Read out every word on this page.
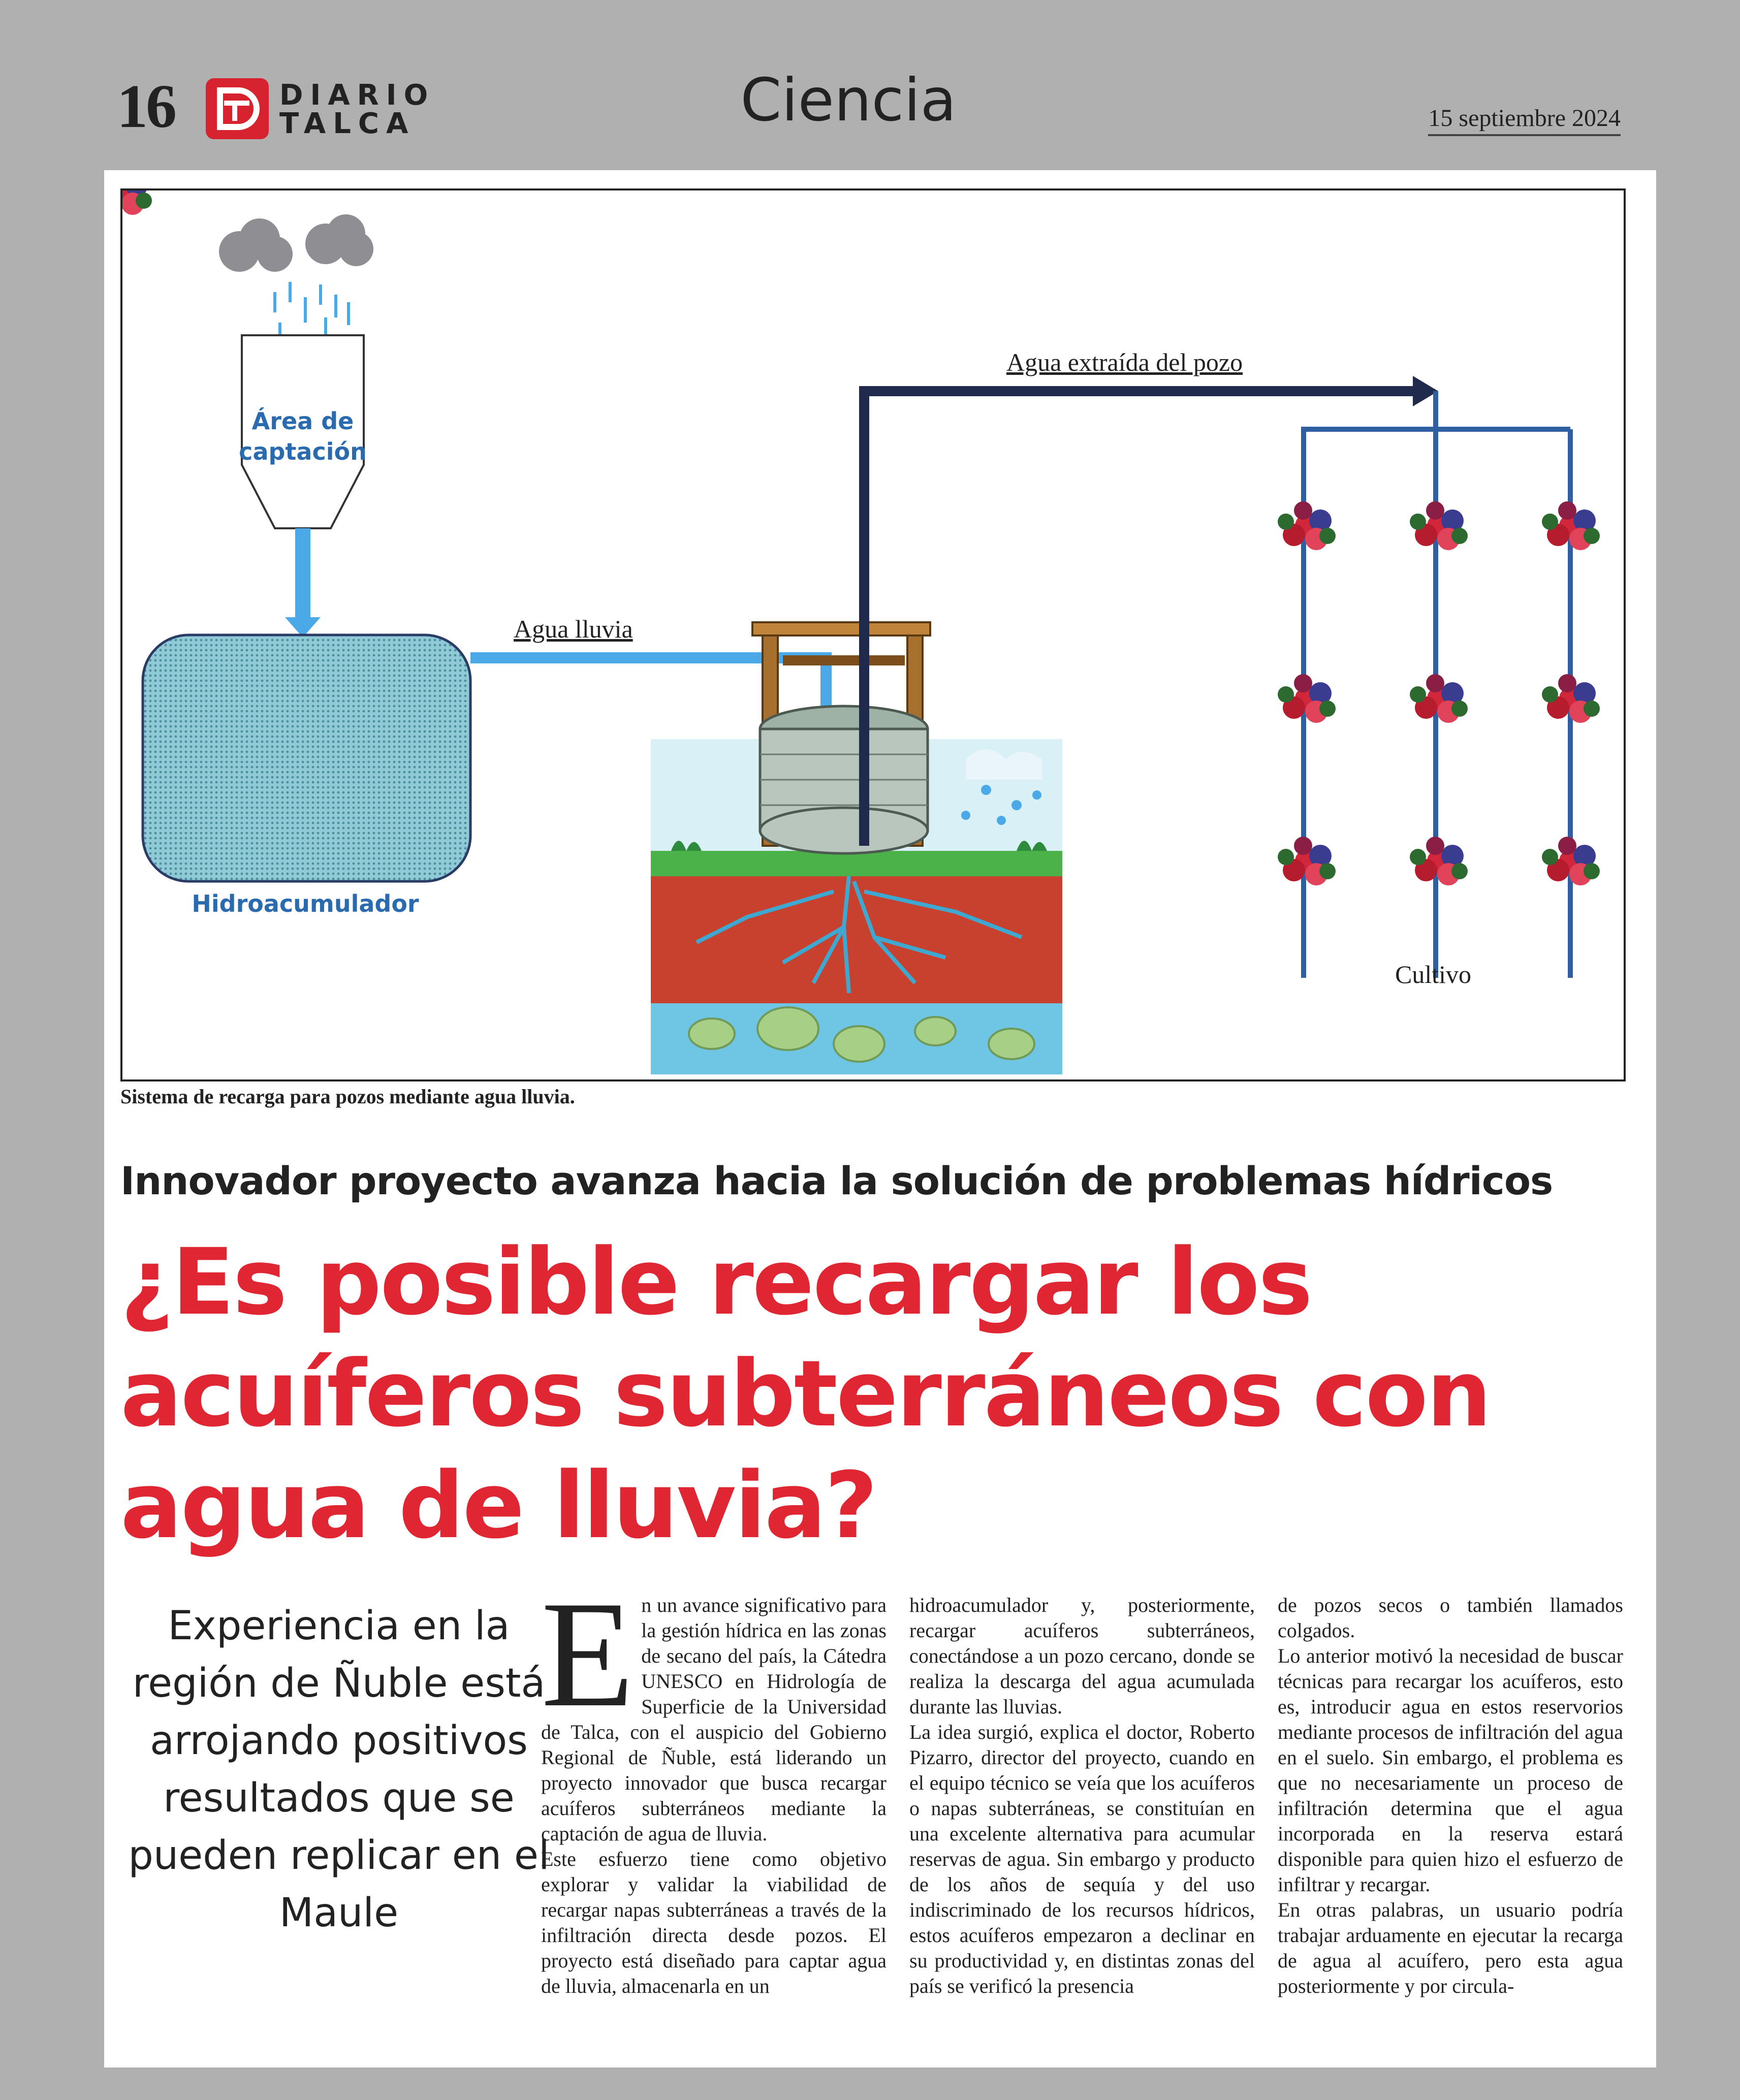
16	DIARIO
TALCA	Ciencia	15 septiembre 2024
Área de
captación
Hidroacumulador
Agua lluvia
Agua extraída del pozo
Cultivo
Sistema de recarga para pozos mediante agua lluvia.
Innovador proyecto avanza hacia la solución de problemas hídricos
¿Es posible recargar los acuíferos subterráneos con agua de lluvia?
Experiencia en la región de Ñuble está arrojando positivos resultados que se pueden replicar en el Maule
E n un avance significativo para la gestión hídrica en las zonas de secano del país, la Cátedra UNESCO en Hidrología de Superficie de la Universidad de Talca, con el auspicio del Gobierno Regional de Ñuble, está liderando un proyecto innovador que busca recargar acuíferos subterráneos mediante la captación de agua de lluvia.

Este esfuerzo tiene como objetivo explorar y validar la viabilidad de recargar napas subterráneas a través de la infiltración directa desde pozos. El proyecto está diseñado para captar agua de lluvia, almacenarla en un

hidroacumulador y, posteriormente, recargar acuíferos subterráneos, conectándose a un pozo cercano, donde se realiza la descarga del agua acumulada durante las lluvias.

La idea surgió, explica el doctor, Roberto Pizarro, director del proyecto, cuando en el equipo técnico se veía que los acuíferos o napas subterráneas, se constituían en una excelente alternativa para acumular reservas de agua. Sin embargo y producto de los años de sequía y del uso indiscriminado de los recursos hídricos, estos acuíferos empezaron a declinar en su productividad y, en distintas zonas del país se verificó la presencia

de pozos secos o también llamados colgados.

Lo anterior motivó la necesidad de buscar técnicas para recargar los acuíferos, esto es, introducir agua en estos reservorios mediante procesos de infiltración del agua en el suelo. Sin embargo, el problema es que no necesariamente un proceso de infiltración determina que el agua incorporada en la reserva estará disponible para quien hizo el esfuerzo de infiltrar y recargar.

En otras palabras, un usuario podría trabajar arduamente en ejecutar la recarga de agua al acuífero, pero esta agua posteriormente y por circula-
